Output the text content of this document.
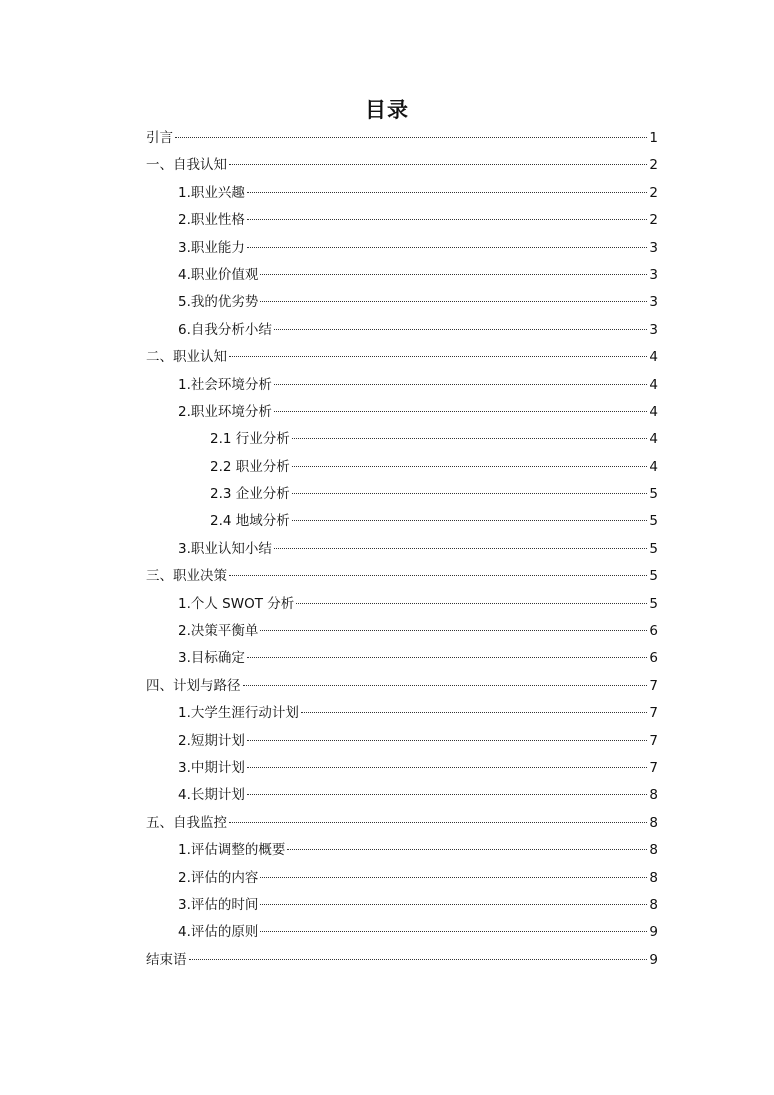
目录
引言	1
一、自我认知	2
1.职业兴趣	2
2.职业性格	2
3.职业能力	3
4.职业价值观	3
5.我的优劣势	3
6.自我分析小结	3
二、职业认知	4
1.社会环境分析	4
2.职业环境分析	4
2.1 行业分析	4
2.2 职业分析	4
2.3 企业分析	5
2.4 地域分析	5
3.职业认知小结	5
三、职业决策	5
1.个人 SWOT 分析	5
2.决策平衡单	6
3.目标确定	6
四、计划与路径	7
1.大学生涯行动计划	7
2.短期计划	7
3.中期计划	7
4.长期计划	8
五、自我监控	8
1.评估调整的概要	8
2.评估的内容	8
3.评估的时间	8
4.评估的原则	9
结束语	9
